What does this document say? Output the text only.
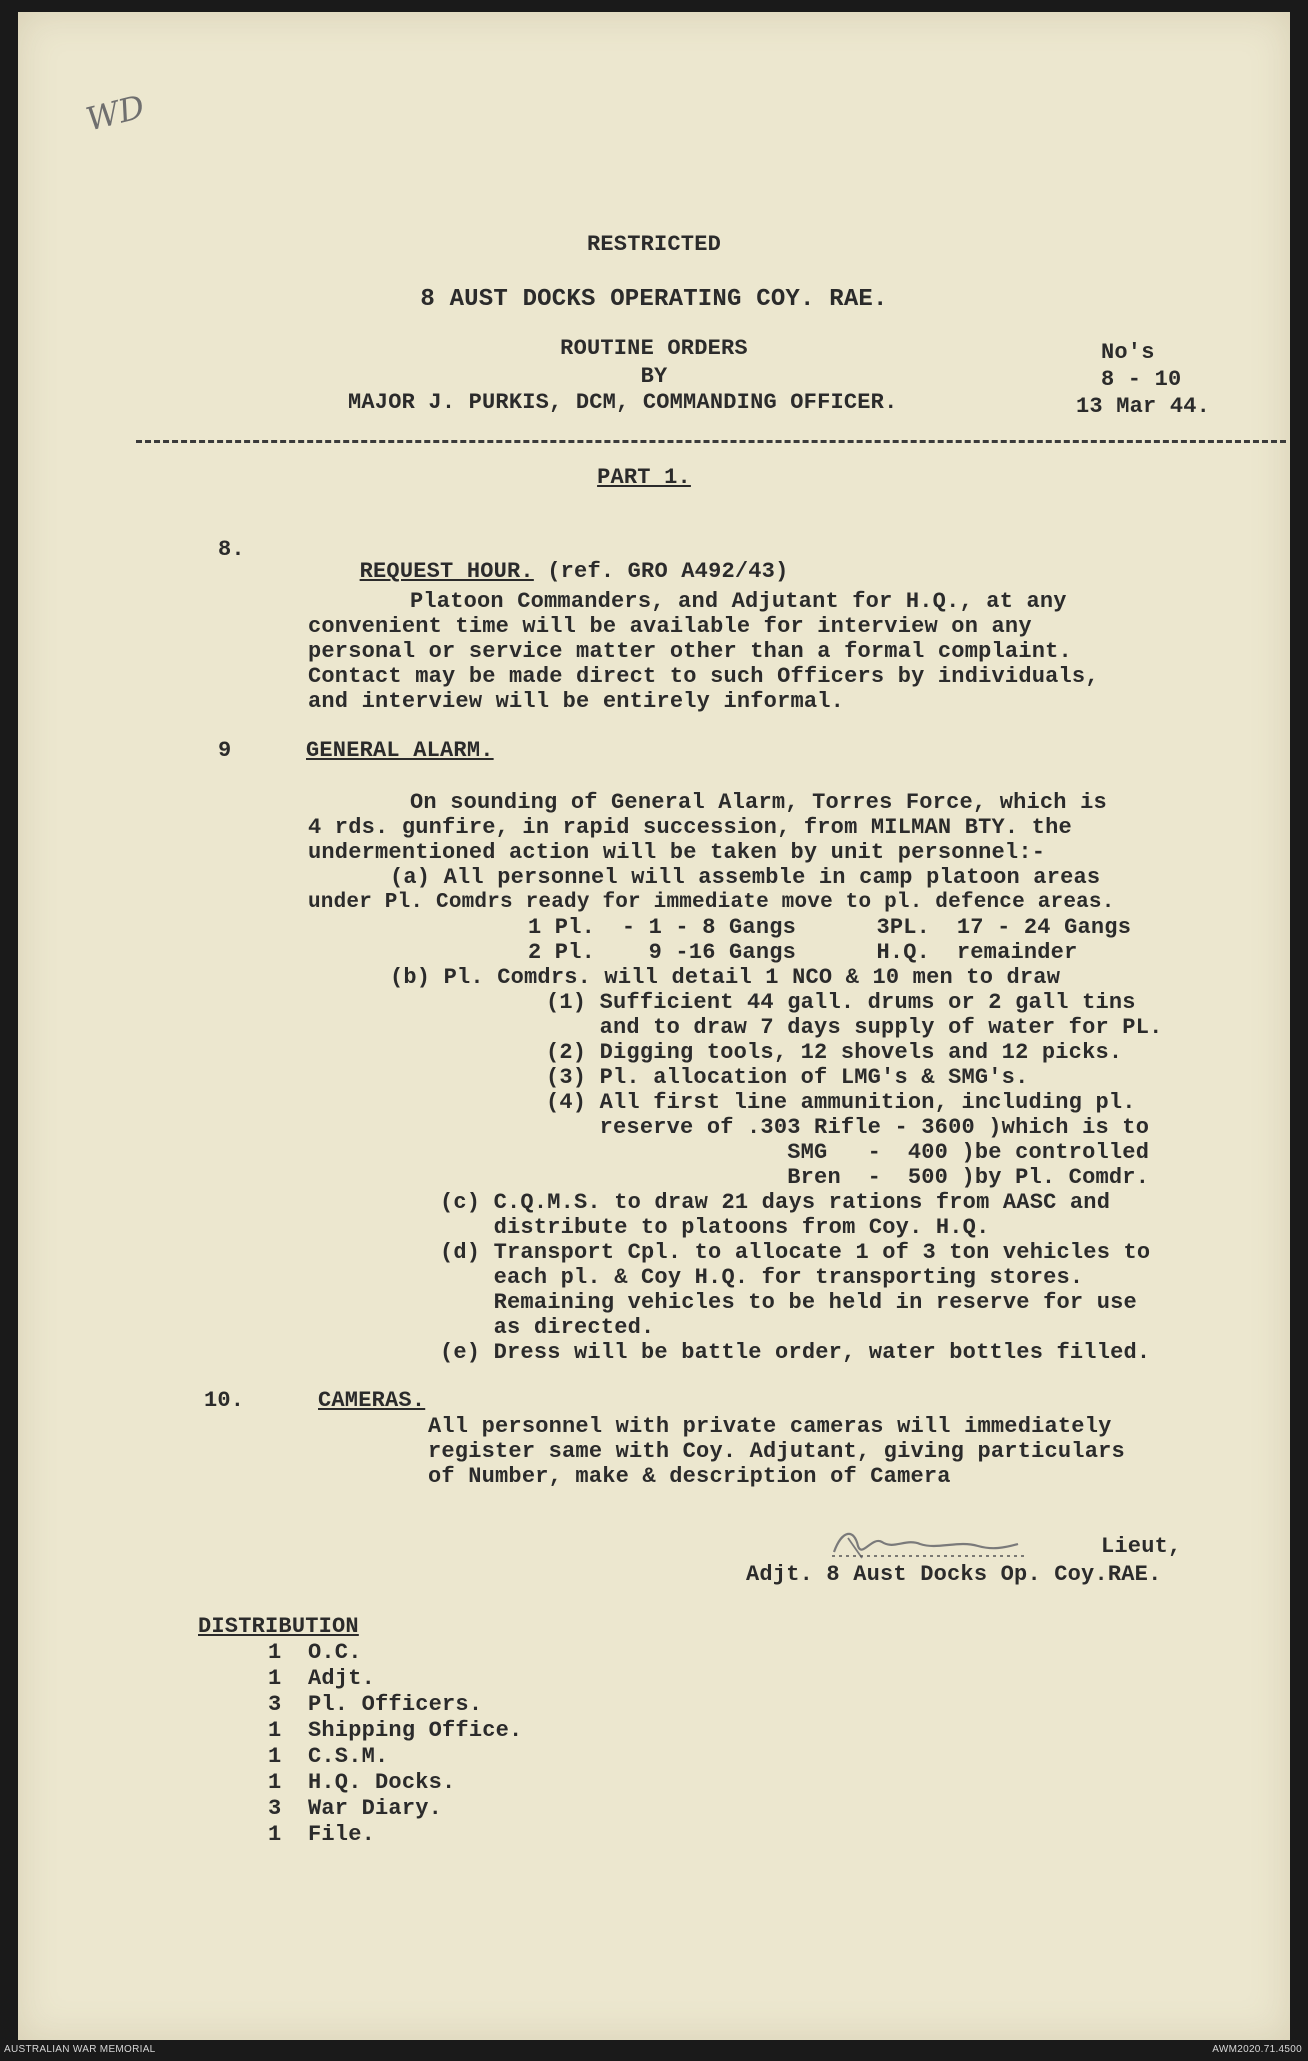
WD
RESTRICTED
8 AUST DOCKS OPERATING COY. RAE.
ROUTINE ORDERS
BY
MAJOR J. PURKIS, DCM, COMMANDING OFFICER.
No's
8 - 10
13 Mar 44.
PART 1.
8.

REQUEST HOUR. (ref. GRO A492/43)

Platoon Commanders, and Adjutant for H.Q., at any
convenient time will be available for interview on any
personal or service matter other than a formal complaint.
Contact may be made direct to such Officers by individuals,
and interview will be entirely informal.
9	GENERAL ALARM.
On sounding of General Alarm, Torres Force, which is
4 rds. gunfire, in rapid succession, from MILMAN BTY. the
undermentioned action will be taken by unit personnel:-
(a) All personnel will assemble in camp platoon areas
under Pl. Comdrs ready for immediate move to pl. defence areas.
1 Pl.  - 1 - 8 Gangs      3PL.  17 - 24 Gangs
2 Pl.    9 -16 Gangs      H.Q.  remainder
(b) Pl. Comdrs. will detail 1 NCO & 10 men to draw
(1) Sufficient 44 gall. drums or 2 gall tins
and to draw 7 days supply of water for PL.
(2) Digging tools, 12 shovels and 12 picks.
(3) Pl. allocation of LMG's & SMG's.
(4) All first line ammunition, including pl.
reserve of .303 Rifle - 3600 )which is to
SMG   -  400 )be controlled
Bren  -  500 )by Pl. Comdr.
(c) C.Q.M.S. to draw 21 days rations from AASC and
distribute to platoons from Coy. H.Q.
(d) Transport Cpl. to allocate 1 of 3 ton vehicles to
each pl. & Coy H.Q. for transporting stores.
Remaining vehicles to be held in reserve for use
as directed.
(e) Dress will be battle order, water bottles filled.
10.	CAMERAS.
All personnel with private cameras will immediately
register same with Coy. Adjutant, giving particulars
of Number, make & description of Camera
Lieut,
Adjt. 8 Aust Docks Op. Coy.RAE.
DISTRIBUTION
1 O.C.
1 Adjt.
3 Pl. Officers.
1 Shipping Office.
1 C.S.M.
1 H.Q. Docks.
3 War Diary.
1 File.
AUSTRALIAN WAR MEMORIAL	AWM2020.71.4500
